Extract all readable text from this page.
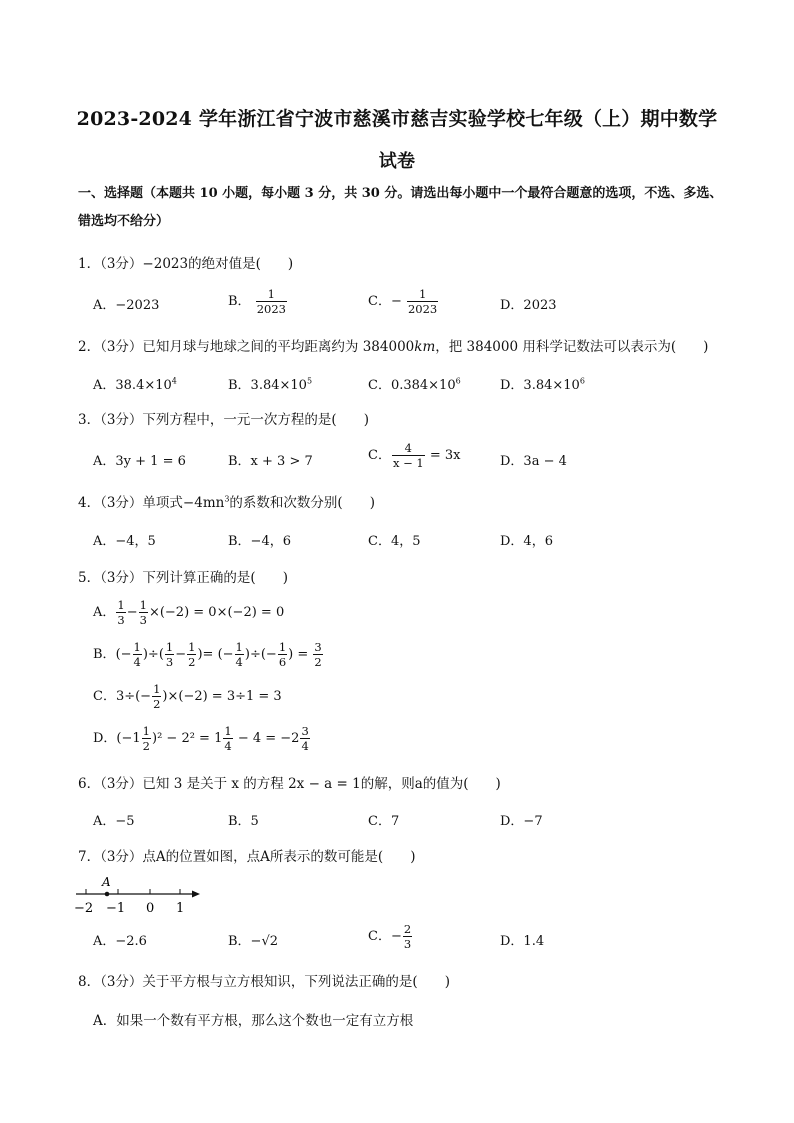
2023-2024 学年浙江省宁波市慈溪市慈吉实验学校七年级（上）期中数学
试卷
一、选择题（本题共 10 小题，每小题 3 分，共 30 分。请选出每小题中一个最符合题意的选项，不选、多选、错选均不给分）
1．（3分）−2023的绝对值是(　　)
A．−2023	B． $\frac{1}{2023}$	C．− $\frac{1}{2023}$	D．2023
2．（3分）已知月球与地球之间的平均距离约为 384000km，把 384000 用科学记数法可以表示为(　　)
A．$38.4\times 10^4$	B．$3.84\times 10^5$	C．$0.384\times 10^6$	D．$3.84\times 10^6$
3．（3分）下列方程中，一元一次方程的是(　　)
A．3y + 1 = 6	B．x + 3 > 7	C． $\frac{4}{x - 1} = 3x$	D．3a − 4
4．（3分）单项式$-4mn^3$的系数和次数分别(　　)
A．−4，5	B．−4，6	C．4，5	D．4，6
5．（3分）下列计算正确的是(　　)
A． $\frac{1}{3} - \frac{1}{3} \times(-2) = 0\times(-2) = 0$
B．(− $\frac{1}{4}$ )÷( $\frac{1}{3} - \frac{1}{2}$ )= (− $\frac{1}{4}$ )÷(− $\frac{1}{6}$ ) = $\frac{3}{2}$
C．$3\div(- \frac{1}{2} )\times(-2) = 3\div 1 = 3$
D．$(-1 \frac{1}{2} )^2 - 2^2 = 1 \frac{1}{4} - 4 = -2 \frac{3}{4}$
6．（3分）已知 3 是关于 x 的方程 2x − a = 1的解，则a的值为(　　)
A．−5	B．5	C．7	D．−7
7．（3分）点A的位置如图，点A所表示的数可能是(　　)
A
−2 −1 0 1
A．−2.6	B．−√2	C．− $\frac{2}{3}$	D．1.4
8．（3分）关于平方根与立方根知识，下列说法正确的是(　　)
A．如果一个数有平方根，那么这个数也一定有立方根
